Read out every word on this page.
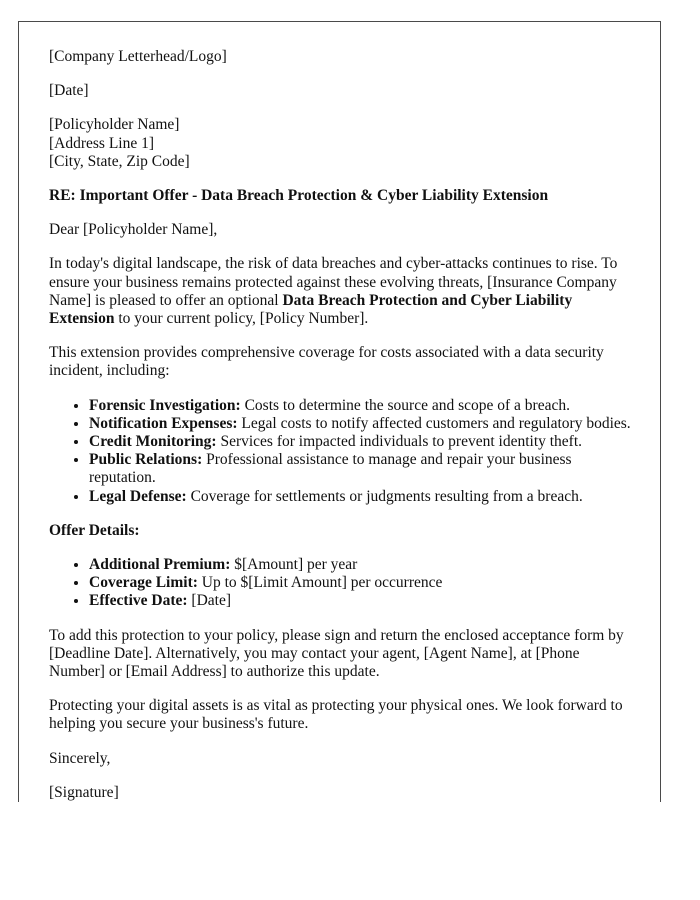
[Company Letterhead/Logo]

[Date]

[Policyholder Name]
[Address Line 1]
[City, State, Zip Code]

RE: Important Offer - Data Breach Protection & Cyber Liability Extension

Dear [Policyholder Name],

In today's digital landscape, the risk of data breaches and cyber-attacks continues to rise. To ensure your business remains protected against these evolving threats, [Insurance Company Name] is pleased to offer an optional Data Breach Protection and Cyber Liability Extension to your current policy, [Policy Number].

This extension provides comprehensive coverage for costs associated with a data security incident, including:

• Forensic Investigation: Costs to determine the source and scope of a breach.
• Notification Expenses: Legal costs to notify affected customers and regulatory bodies.
• Credit Monitoring: Services for impacted individuals to prevent identity theft.
• Public Relations: Professional assistance to manage and repair your business reputation.
• Legal Defense: Coverage for settlements or judgments resulting from a breach.

Offer Details:

• Additional Premium: $[Amount] per year
• Coverage Limit: Up to $[Limit Amount] per occurrence
• Effective Date: [Date]

To add this protection to your policy, please sign and return the enclosed acceptance form by [Deadline Date]. Alternatively, you may contact your agent, [Agent Name], at [Phone Number] or [Email Address] to authorize this update.

Protecting your digital assets is as vital as protecting your physical ones. We look forward to helping you secure your business's future.

Sincerely,

[Signature]
